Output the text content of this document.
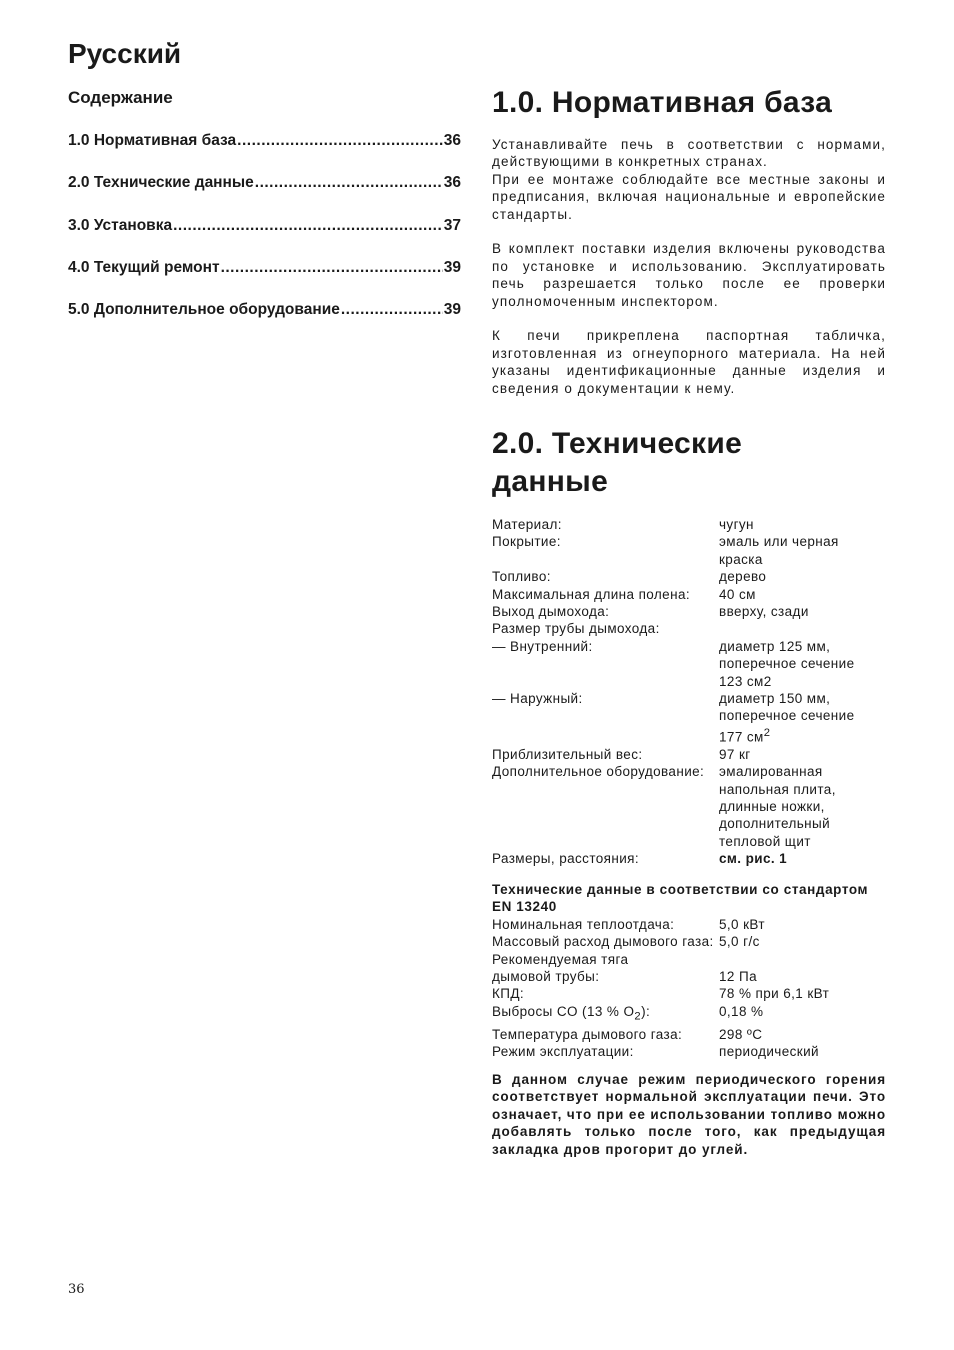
Русский
Содержание
1.0 Нормативная база .....	36
2.0 Технические данные .....	36
3.0 Установка .....	37
4.0 Текущий ремонт .....	39
5.0 Дополнительное оборудование .....	39
1.0. Нормативная база

Устанавливайте печь в соответствии с нормами, действующими в конкретных странах.
При ее монтаже соблюдайте все местные законы и предписания, включая национальные и европейские стандарты.

В комплект поставки изделия включены руководства по установке и использованию. Эксплуатировать печь разрешается только после ее проверки уполномоченным инспектором.

К печи прикреплена паспортная табличка, изготовленная из огнеупорного материала. На ней указаны идентификационные данные изделия и сведения о документации к нему.

2.0. Технические
данные
Материал:	чугун
Покрытие:	эмаль или черная краска
Топливо:	дерево
Максимальная длина полена:	40 см
Выход дымохода:	вверху, сзади
Размер трубы дымохода:
— Внутренний:	диаметр 125 мм,
поперечное сечение
123 см2
— Наружный:	диаметр 150 мм,
поперечное сечение
177 $см^2$
Приблизительный вес:	97 кг
Дополнительное оборудование:	эмалированная
напольная плита,
длинные ножки,
дополнительный
тепловой щит
Размеры, расстояния:	см. рис. 1

Технические данные в соответствии со стандартом EN 13240

Номинальная теплоотдача:	5,0 кВт
Массовый расход дымового газа: 5,0 г/с
Рекомендуемая тяга
дымовой трубы:	12 Па
КПД:	78 % при 6,1 кВт
Выбросы CO (13 % $O_2$):	0,18 %
Температура дымового газа:	298 ºC
Режим эксплуатации:	периодический

В данном случае режим периодического горения соответствует нормальной эксплуатации печи. Это означает, что при ее использовании топливо можно добавлять только после того, как предыдущая закладка дров прогорит до углей.

36
